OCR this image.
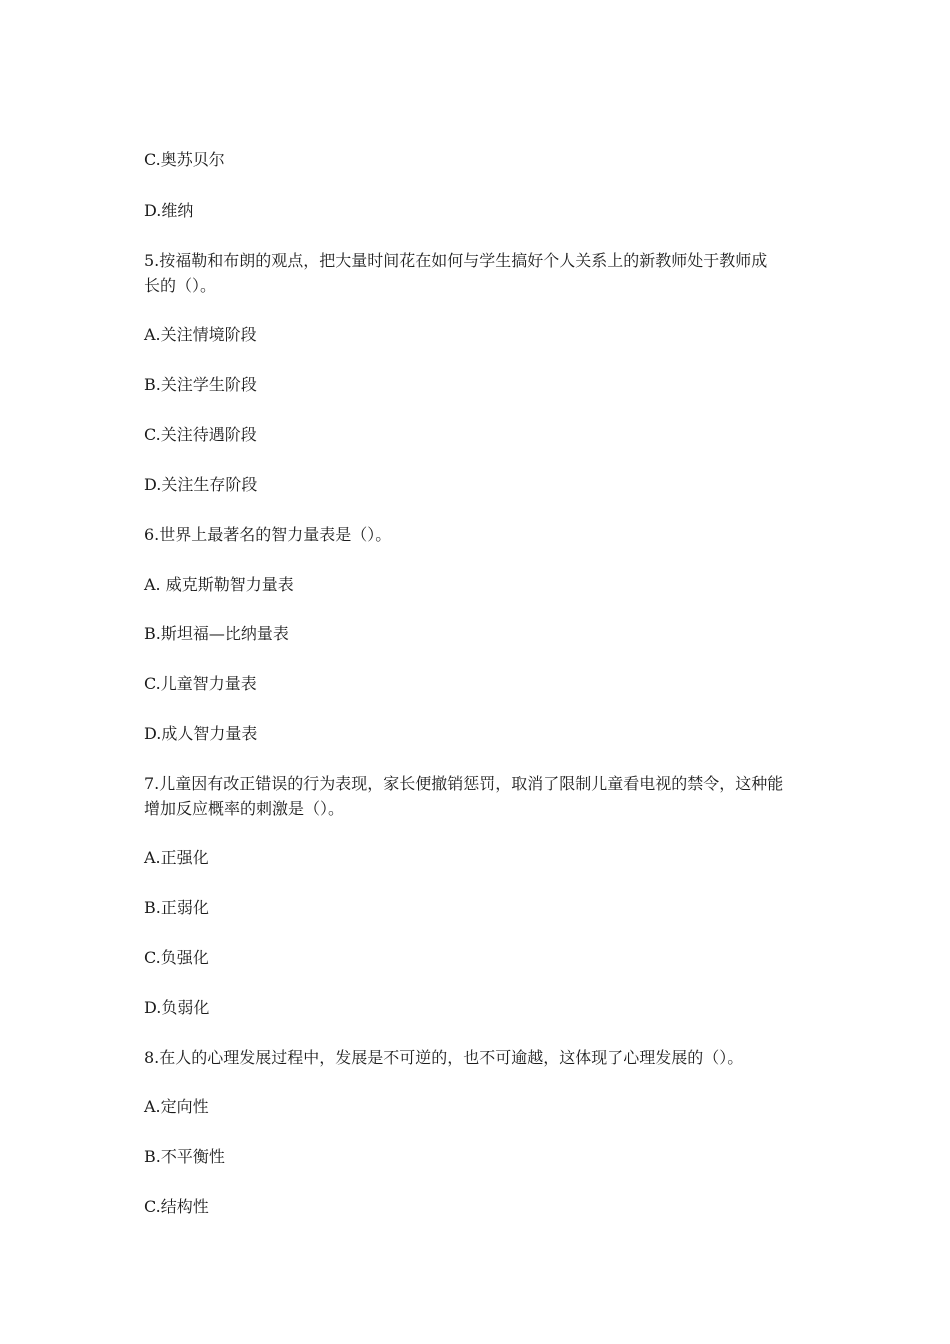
C.奥苏贝尔
D.维纳
5.按福勒和布朗的观点，把大量时间花在如何与学生搞好个人关系上的新教师处于教师成
长的（）。
A.关注情境阶段
B.关注学生阶段
C.关注待遇阶段
D.关注生存阶段
6.世界上最著名的智力量表是（）。
A. 威克斯勒智力量表
B.斯坦福—比纳量表
C.儿童智力量表
D.成人智力量表
7.儿童因有改正错误的行为表现，家长便撤销惩罚，取消了限制儿童看电视的禁令，这种能
增加反应概率的刺激是（）。
A.正强化
B.正弱化
C.负强化
D.负弱化
8.在人的心理发展过程中，发展是不可逆的，也不可逾越，这体现了心理发展的（）。
A.定向性
B.不平衡性
C.结构性
